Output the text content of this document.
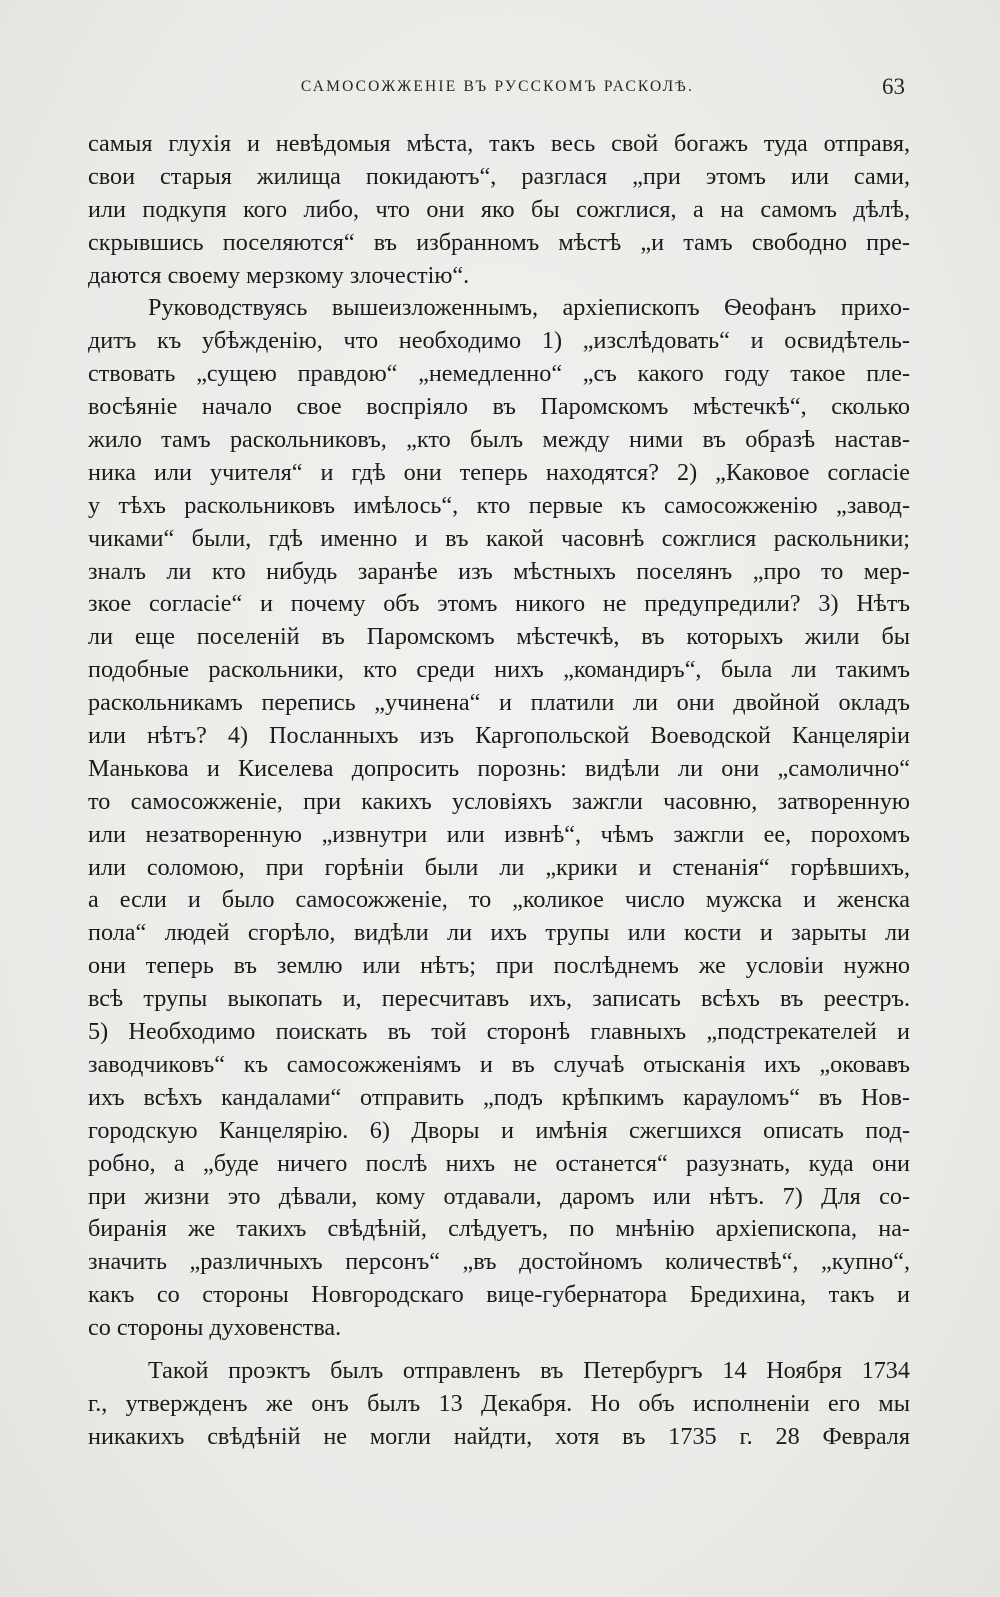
САМОСОЖЖЕНІЕ ВЪ РУССКОМЪ РАСКОЛѢ.	63
самыя глухія и невѣдомыя мѣста, такъ весь свой богажъ туда отправя,
свои старыя жилища покидаютъ“, разглася „при этомъ или сами,
или подкупя кого либо, что они яко бы сожглися, а на самомъ дѣлѣ,
скрывшись поселяются“ въ избранномъ мѣстѣ „и тамъ свободно пре-
даются своему мерзкому злочестію“.
Руководствуясь вышеизложеннымъ, архіепископъ Ѳеофанъ прихо-
дитъ къ убѣжденію, что необходимо 1) „изслѣдовать“ и освидѣтель-
ствовать „сущею правдою“ „немедленно“ „съ какого году такое пле-
восѣяніе начало свое воспріяло въ Паромскомъ мѣстечкѣ“, сколько
жило тамъ раскольниковъ, „кто былъ между ними въ образѣ настав-
ника или учителя“ и гдѣ они теперь находятся? 2) „Каковое согласіе
у тѣхъ раскольниковъ имѣлось“, кто первые къ самосожженію „завод-
чиками“ были, гдѣ именно и въ какой часовнѣ сожглися раскольники;
зналъ ли кто нибудь заранѣе изъ мѣстныхъ поселянъ „про то мер-
зкое согласіе“ и почему объ этомъ никого не предупредили? 3) Нѣтъ
ли еще поселеній въ Паромскомъ мѣстечкѣ, въ которыхъ жили бы
подобные раскольники, кто среди нихъ „командиръ“, была ли такимъ
раскольникамъ перепись „учинена“ и платили ли они двойной окладъ
или нѣтъ? 4) Посланныхъ изъ Каргопольской Воеводской Канцеляріи
Манькова и Киселева допросить порознь: видѣли ли они „самолично“
то самосожженіе, при какихъ условіяхъ зажгли часовню, затворенную
или незатворенную „извнутри или извнѣ“, чѣмъ зажгли ее, порохомъ
или соломою, при горѣніи были ли „крики и стенанія“ горѣвшихъ,
а если и было самосожженіе, то „коликое число мужска и женска
пола“ людей сгорѣло, видѣли ли ихъ трупы или кости и зарыты ли
они теперь въ землю или нѣтъ; при послѣднемъ же условіи нужно
всѣ трупы выкопать и, пересчитавъ ихъ, записать всѣхъ въ реестръ.
5) Необходимо поискать въ той сторонѣ главныхъ „подстрекателей и
заводчиковъ“ къ самосожженіямъ и въ случаѣ отысканія ихъ „оковавъ
ихъ всѣхъ кандалами“ отправить „подъ крѣпкимъ карауломъ“ въ Нов-
городскую Канцелярію. 6) Дворы и имѣнія сжегшихся описать под-
робно, а „буде ничего послѣ нихъ не останется“ разузнать, куда они
при жизни это дѣвали, кому отдавали, даромъ или нѣтъ. 7) Для со-
биранія же такихъ свѣдѣній, слѣдуетъ, по мнѣнію архіепископа, на-
значить „различныхъ персонъ“ „въ достойномъ количествѣ“, „купно“,
какъ со стороны Новгородскаго вице-губернатора Бредихина, такъ и
со стороны духовенства.
Такой проэктъ былъ отправленъ въ Петербургъ 14 Ноября 1734
г., утвержденъ же онъ былъ 13 Декабря. Но объ исполненіи его мы
никакихъ свѣдѣній не могли найдти, хотя въ 1735 г. 28 Февраля
